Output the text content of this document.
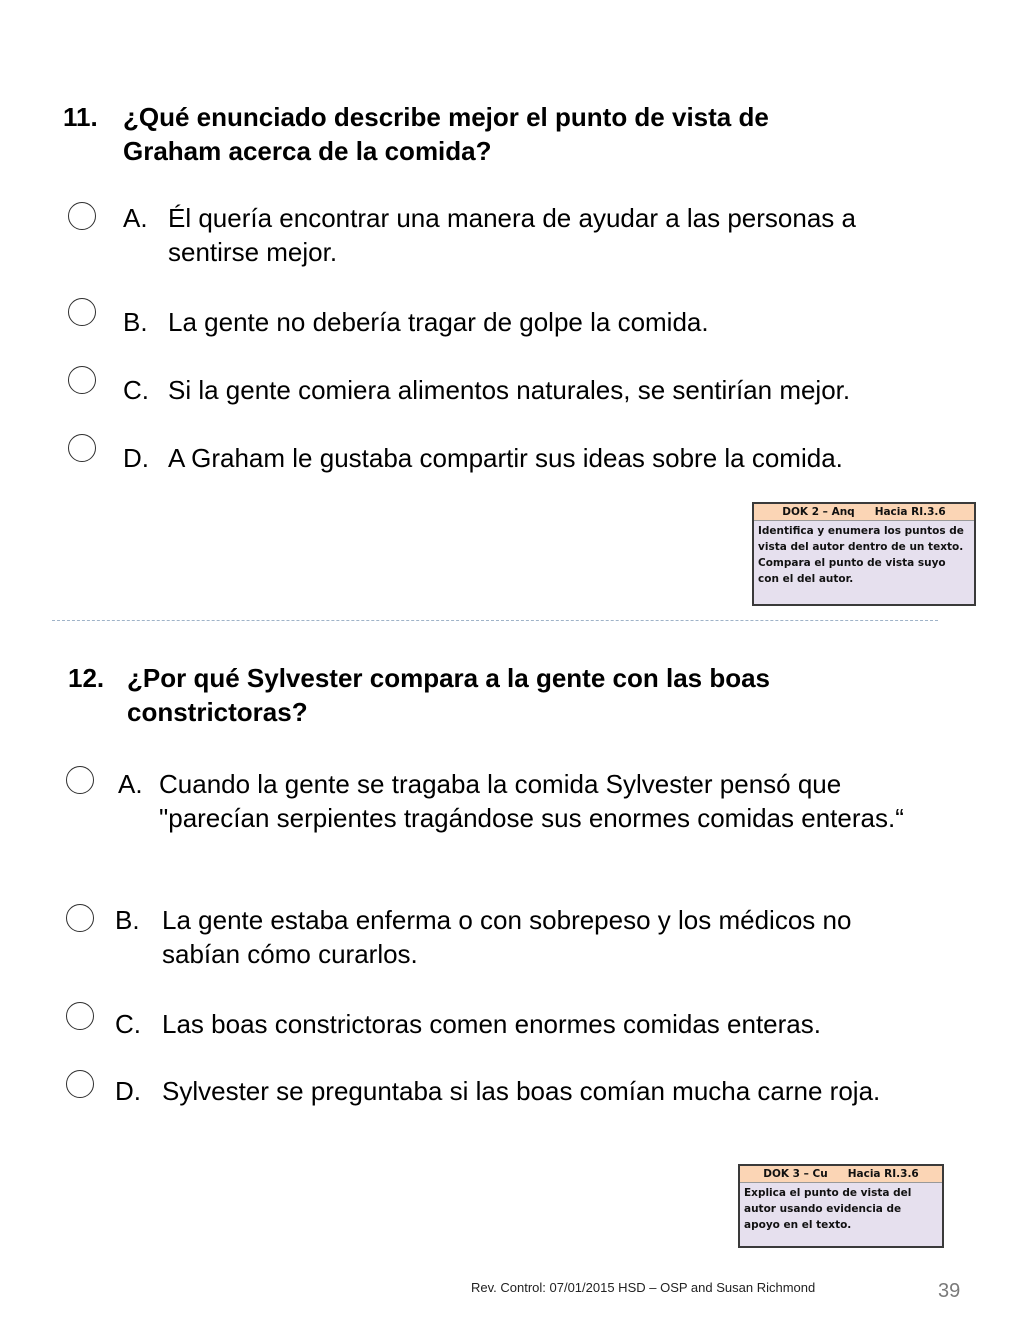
11. ¿Qué enunciado describe mejor el punto de vista de Graham acerca de la comida?
A. Él quería encontrar una manera de ayudar a las personas a sentirse mejor.
B. La gente no debería tragar de golpe la comida.
C. Si la gente comiera alimentos naturales, se sentirían mejor.
D. A Graham le gustaba compartir sus ideas sobre la comida.
DOK 2 – Anq Hacia RI.3.6
Identifica y enumera los puntos de vista del autor dentro de un texto. Compara el punto de vista suyo con el del autor.
12. ¿Por qué Sylvester compara a la gente con las boas constrictoras?
A. Cuando la gente se tragaba la comida Sylvester pensó que "parecían serpientes tragándose sus enormes comidas enteras.“
B. La gente estaba enferma o con sobrepeso y los médicos no sabían cómo curarlos.
C. Las boas constrictoras comen enormes comidas enteras.
D. Sylvester se preguntaba si las boas comían mucha carne roja.
DOK 3 – Cu Hacia RI.3.6
Explica el punto de vista del autor usando evidencia de apoyo en el texto.
Rev. Control: 07/01/2015 HSD – OSP and Susan Richmond	39
